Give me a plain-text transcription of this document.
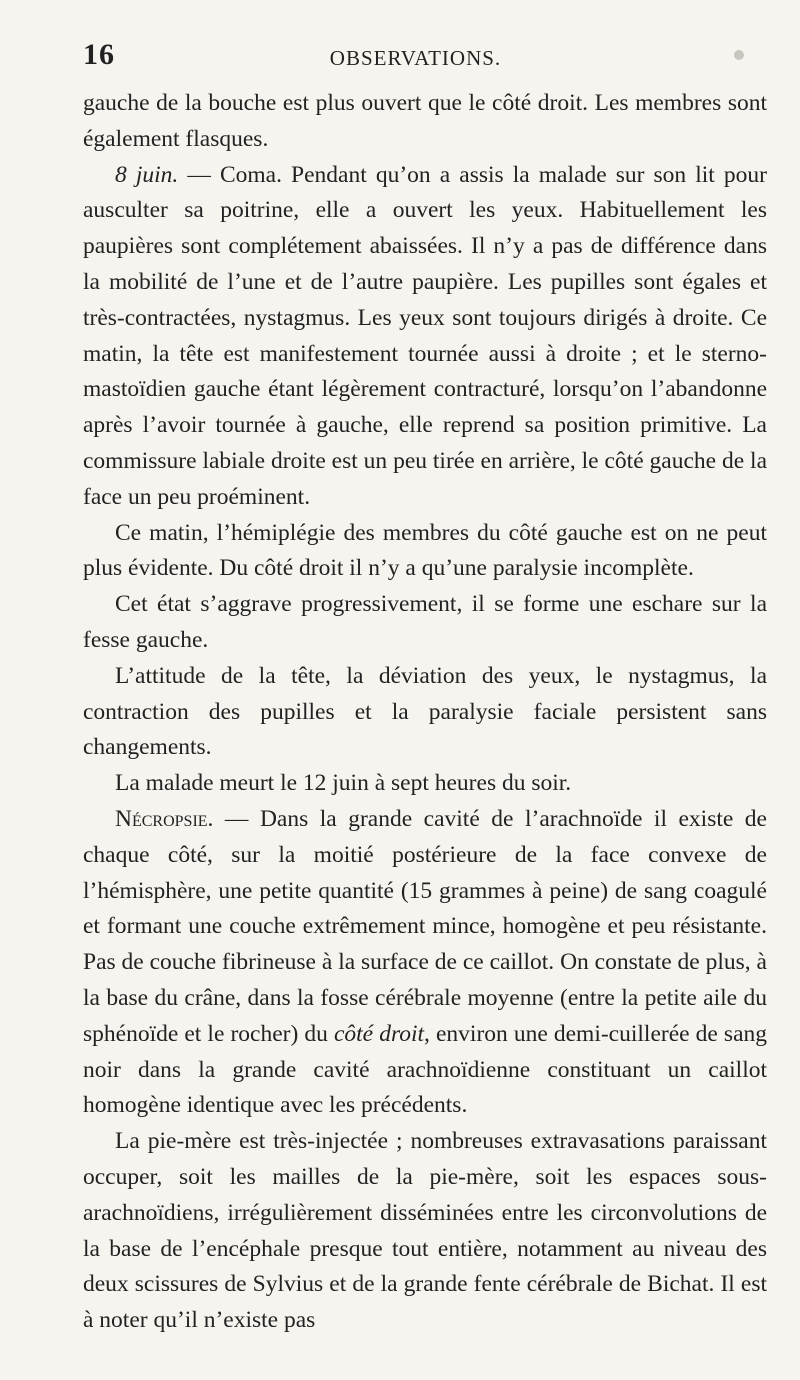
16	OBSERVATIONS.

gauche de la bouche est plus ouvert que le côté droit. Les membres sont également flasques.

8 juin. — Coma. Pendant qu’on a assis la malade sur son lit pour ausculter sa poitrine, elle a ouvert les yeux. Habituellement les paupières sont complétement abaissées. Il n’y a pas de différence dans la mobilité de l’une et de l’autre paupière. Les pupilles sont égales et très-contractées, nystagmus. Les yeux sont toujours dirigés à droite. Ce matin, la tête est manifestement tournée aussi à droite ; et le sterno-mastoïdien gauche étant légèrement contracturé, lorsqu’on l’abandonne après l’avoir tournée à gauche, elle reprend sa position primitive. La commissure labiale droite est un peu tirée en arrière, le côté gauche de la face un peu proéminent.

Ce matin, l’hémiplégie des membres du côté gauche est on ne peut plus évidente. Du côté droit il n’y a qu’une paralysie incomplète.

Cet état s’aggrave progressivement, il se forme une eschare sur la fesse gauche.

L’attitude de la tête, la déviation des yeux, le nystagmus, la contraction des pupilles et la paralysie faciale persistent sans changements.

La malade meurt le 12 juin à sept heures du soir.

Nécropsie. — Dans la grande cavité de l’arachnoïde il existe de chaque côté, sur la moitié postérieure de la face convexe de l’hémisphère, une petite quantité (15 grammes à peine) de sang coagulé et formant une couche extrêmement mince, homogène et peu résistante. Pas de couche fibrineuse à la surface de ce caillot. On constate de plus, à la base du crâne, dans la fosse cérébrale moyenne (entre la petite aile du sphénoïde et le rocher) du côté droit, environ une demi-cuillerée de sang noir dans la grande cavité arachnoïdienne constituant un caillot homogène identique avec les précédents.

La pie-mère est très-injectée ; nombreuses extravasations paraissant occuper, soit les mailles de la pie-mère, soit les espaces sous-arachnoïdiens, irrégulièrement disséminées entre les circonvolutions de la base de l’encéphale presque tout entière, notamment au niveau des deux scissures de Sylvius et de la grande fente cérébrale de Bichat. Il est à noter qu’il n’existe pas
